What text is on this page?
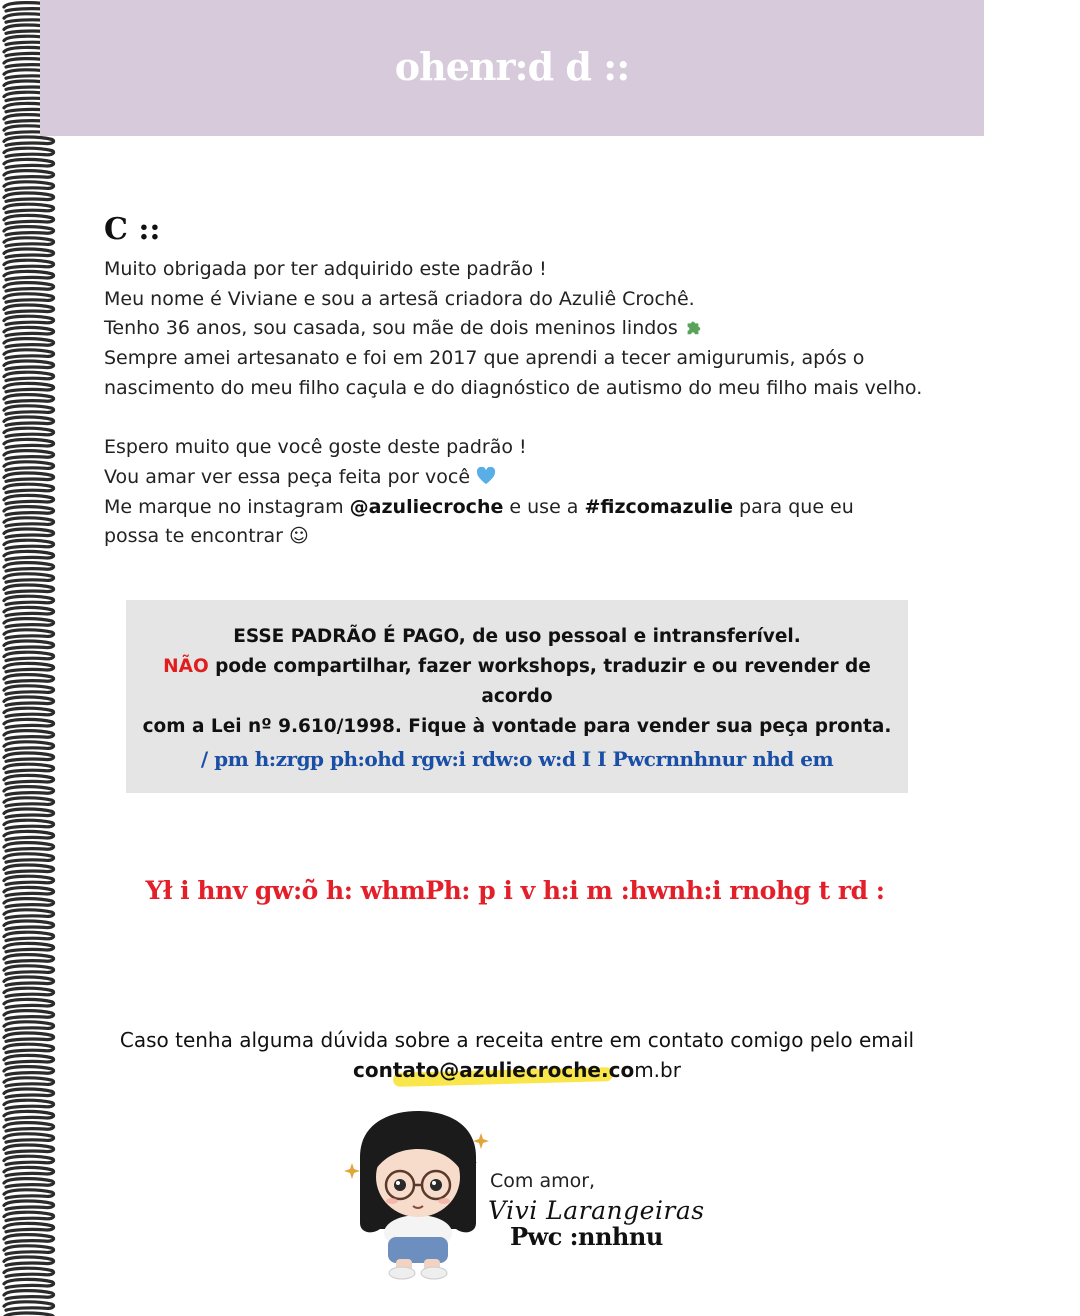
ohenr:d d ::
C ::

Muito obrigada por ter adquirido este padrão !

Meu nome é Viviane e sou a artesã criadora do Azuliê Crochê.

Tenho 36 anos, sou casada, sou mãe de dois meninos lindos

Sempre amei artesanato e foi em 2017 que aprendi a tecer amigurumis, após o

nascimento do meu filho caçula e do diagnóstico de autismo do meu filho mais velho.

Espero muito que você goste deste padrão !

Vou amar ver essa peça feita por você

Me marque no instagram @azuliecroche e use a #fizcomazulie para que eu

possa te encontrar ☺

ESSE PADRÃO É PAGO, de uso pessoal e intransferível.
NÃO pode compartilhar, fazer workshops, traduzir e ou revender de acordo
com a Lei nº 9.610/1998. Fique à vontade para vender sua peça pronta.
/ pm h:zrgp ph:ohd rgw:i rdw:o w:d I I Pwcrnnhnur nhd em
Ył i hnv gw:õ h: whmPh: p i v h:i m :hwnh:i rnohg t rd :

Caso tenha alguma dúvida sobre a receita entre em contato comigo pelo email

contato@azuliecroche.com.br

Com amor,
Vivi Larangeiras
Pwc :nnhnu
